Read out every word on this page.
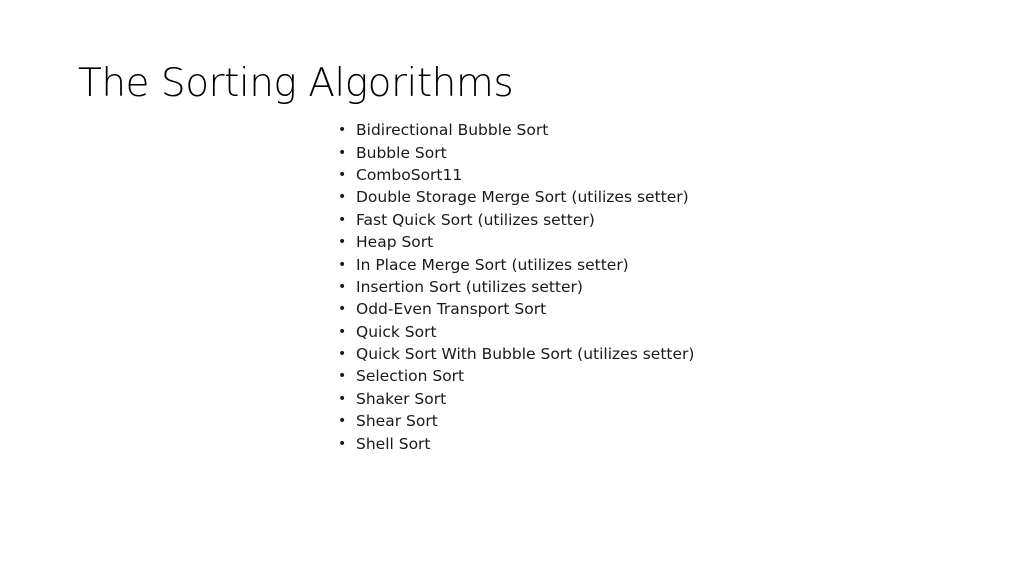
The Sorting Algorithms
• Bidirectional Bubble Sort
• Bubble Sort
• ComboSort11
• Double Storage Merge Sort (utilizes setter)
• Fast Quick Sort (utilizes setter)
• Heap Sort
• In Place Merge Sort (utilizes setter)
• Insertion Sort (utilizes setter)
• Odd-Even Transport Sort
• Quick Sort
• Quick Sort With Bubble Sort (utilizes setter)
• Selection Sort
• Shaker Sort
• Shear Sort
• Shell Sort
